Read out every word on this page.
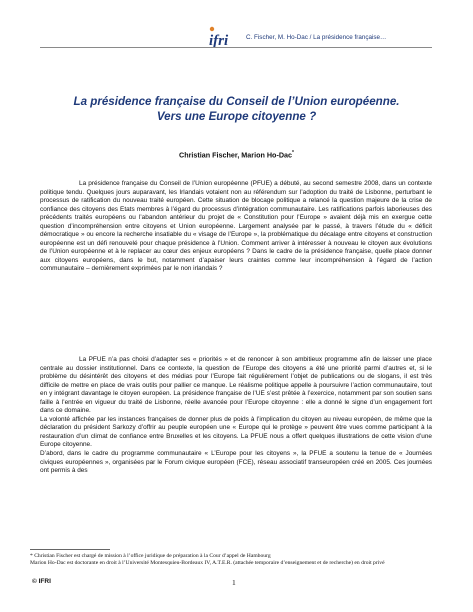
ifri	C. Fischer, M. Ho-Dac / La présidence française…
La présidence française du Conseil de l’Union européenne.
Vers une Europe citoyenne ?
Christian Fischer, Marion Ho-Dac*

La présidence française du Conseil de l’Union européenne (PFUE) a débuté, au second semestre 2008, dans un contexte politique tendu. Quelques jours auparavant, les Irlandais votaient non au référendum sur l’adoption du traité de Lisbonne, perturbant le processus de ratification du nouveau traité européen. Cette situation de blocage politique a relancé la question majeure de la crise de confiance des citoyens des Etats membres à l’égard du processus d’intégration communautaire. Les ratifications parfois laborieuses des précédents traités européens ou l’abandon antérieur du projet de « Constitution pour l’Europe » avaient déjà mis en exergue cette question d’incompréhension entre citoyens et Union européenne. Largement analysée par le passé, à travers l’étude du « déficit démocratique » ou encore la recherche insatiable du « visage de l’Europe », la problématique du décalage entre citoyens et construction européenne est un défi renouvelé pour chaque présidence à l’Union. Comment arriver à intéresser à nouveau le citoyen aux évolutions de l’Union européenne et à le replacer au cœur des enjeux européens ? Dans le cadre de la présidence française, quelle place donner aux citoyens européens, dans le but, notamment d’apaiser leurs craintes comme leur incompréhension à l’égard de l’action communautaire – dernièrement exprimées par le non irlandais ?

La PFUE n’a pas choisi d’adapter ses « priorités » et de renoncer à son ambitieux programme afin de laisser une place centrale au dossier institutionnel. Dans ce contexte, la question de l’Europe des citoyens a été une priorité parmi d’autres et, si le problème du désintérêt des citoyens et des médias pour l’Europe fait régulièrement l’objet de publications ou de slogans, il est très difficile de mettre en place de vrais outils pour pallier ce manque. Le réalisme politique appelle à poursuivre l’action communautaire, tout en y intégrant davantage le citoyen européen. La présidence française de l’UE s’est prêtée à l’exercice, notamment par son soutien sans faille à l’entrée en vigueur du traité de Lisbonne, réelle avancée pour l’Europe citoyenne : elle a donné le signe d’un engagement fort dans ce domaine.

La volonté affichée par les instances françaises de donner plus de poids à l’implication du citoyen au niveau européen, de même que la déclaration du président Sarkozy d’offrir au peuple européen une « Europe qui le protège » peuvent être vues comme participant à la restauration d’un climat de confiance entre Bruxelles et les citoyens. La PFUE nous a offert quelques illustrations de cette vision d’une Europe citoyenne.

D’abord, dans le cadre du programme communautaire « L’Europe pour les citoyens », la PFUE a soutenu la tenue de « Journées civiques européennes », organisées par le Forum civique européen (FCE), réseau associatif transeuropéen créé en 2005. Ces journées ont permis à des

* Christian Fischer est chargé de mission à l’office juridique de préparation à la Cour d’appel de Hambourg

Marion Ho-Dac est doctorante en droit à l’Université Montesquieu-Bordeaux IV, A.T.E.R. (attachée temporaire d’enseignement et de recherche) en droit privé

© IFRI	1
